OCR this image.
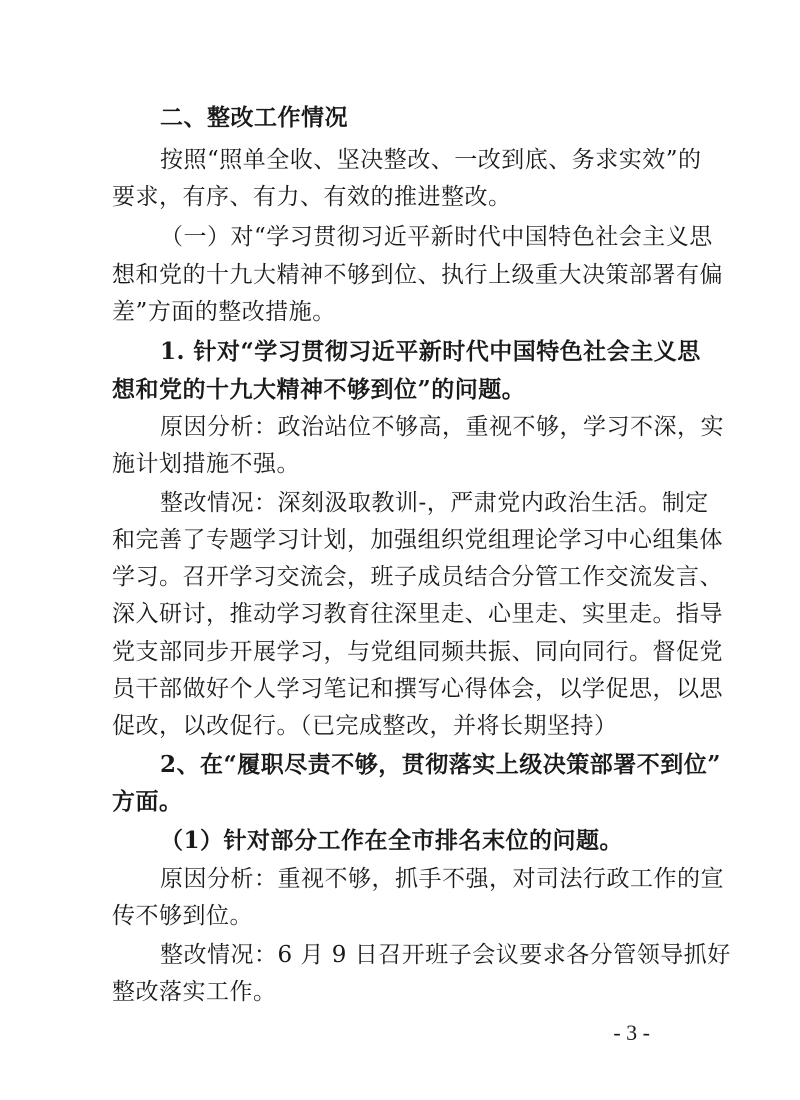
二、整改工作情况
按照“照单全收、坚决整改、一改到底、务求实效”的
要求，有序、有力、有效的推进整改。
（一）对“学习贯彻习近平新时代中国特色社会主义思
想和党的十九大精神不够到位、执行上级重大决策部署有偏
差”方面的整改措施。
1. 针对“学习贯彻习近平新时代中国特色社会主义思
想和党的十九大精神不够到位”的问题。
原因分析：政治站位不够高，重视不够，学习不深，实
施计划措施不强。
整改情况：深刻汲取教训-，严肃党内政治生活。制定
和完善了专题学习计划，加强组织党组理论学习中心组集体
学习。召开学习交流会，班子成员结合分管工作交流发言、
深入研讨，推动学习教育往深里走、心里走、实里走。指导
党支部同步开展学习，与党组同频共振、同向同行。督促党
员干部做好个人学习笔记和撰写心得体会，以学促思，以思
促改，以改促行。（已完成整改，并将长期坚持）
2、在“履职尽责不够，贯彻落实上级决策部署不到位”
方面。
（1）针对部分工作在全市排名末位的问题。
原因分析：重视不够，抓手不强，对司法行政工作的宣
传不够到位。
整改情况：6 月 9 日召开班子会议要求各分管领导抓好
整改落实工作。
- 3 -
